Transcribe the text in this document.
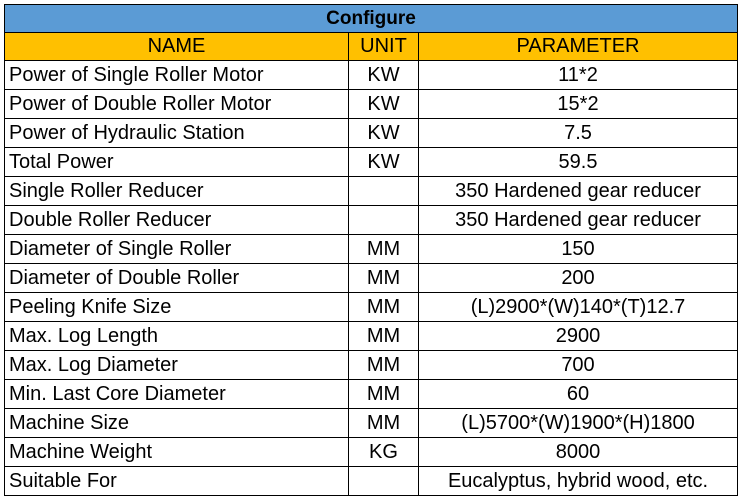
Configure		
NAME	UNIT	PARAMETER
Power of Single Roller Motor	KW	11*2
Power of Double Roller Motor	KW	15*2
Power of Hydraulic Station	KW	7.5
Total Power	KW	59.5
Single Roller Reducer		350 Hardened gear reducer
Double Roller Reducer		350 Hardened gear reducer
Diameter of Single Roller	MM	150
Diameter of Double Roller	MM	200
Peeling Knife Size	MM	(L)2900*(W)140*(T)12.7
Max. Log Length	MM	2900
Max. Log Diameter	MM	700
Min. Last Core Diameter	MM	60
Machine Size	MM	(L)5700*(W)1900*(H)1800
Machine Weight	KG	8000
Suitable For		Eucalyptus, hybrid wood, etc.
